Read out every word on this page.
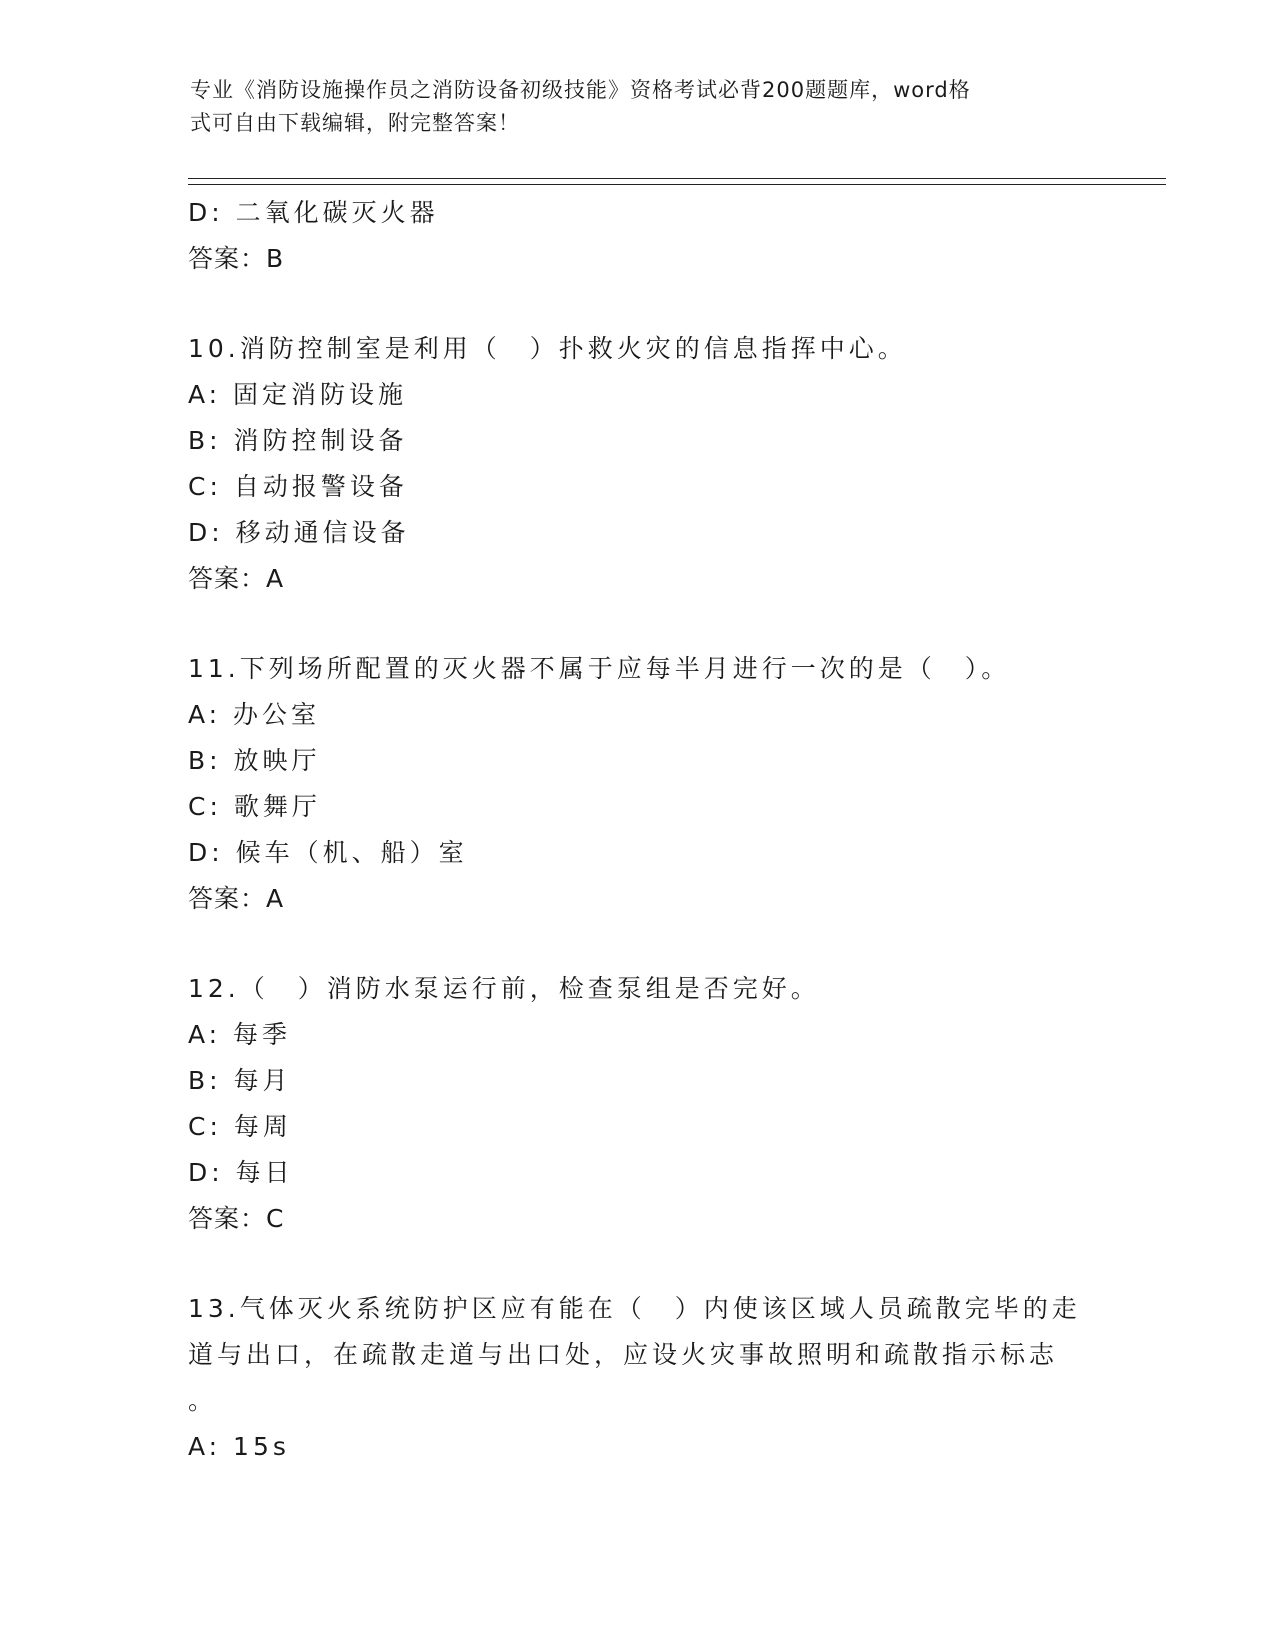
专业《消防设施操作员之消防设备初级技能》资格考试必背200题题库，word格
式可自由下载编辑，附完整答案！
D: 二氧化碳灭火器
答案：B
10.消防控制室是利用（　）扑救火灾的信息指挥中心。
A: 固定消防设施
B: 消防控制设备
C: 自动报警设备
D: 移动通信设备
答案：A
11.下列场所配置的灭火器不属于应每半月进行一次的是（　）。
A: 办公室
B: 放映厅
C: 歌舞厅
D: 候车（机、船）室
答案：A
12.（　）消防水泵运行前，检查泵组是否完好。
A: 每季
B: 每月
C: 每周
D: 每日
答案：C
13.气体灭火系统防护区应有能在（　）内使该区域人员疏散完毕的走
道与出口，在疏散走道与出口处，应设火灾事故照明和疏散指示标志
。
A: 15s
